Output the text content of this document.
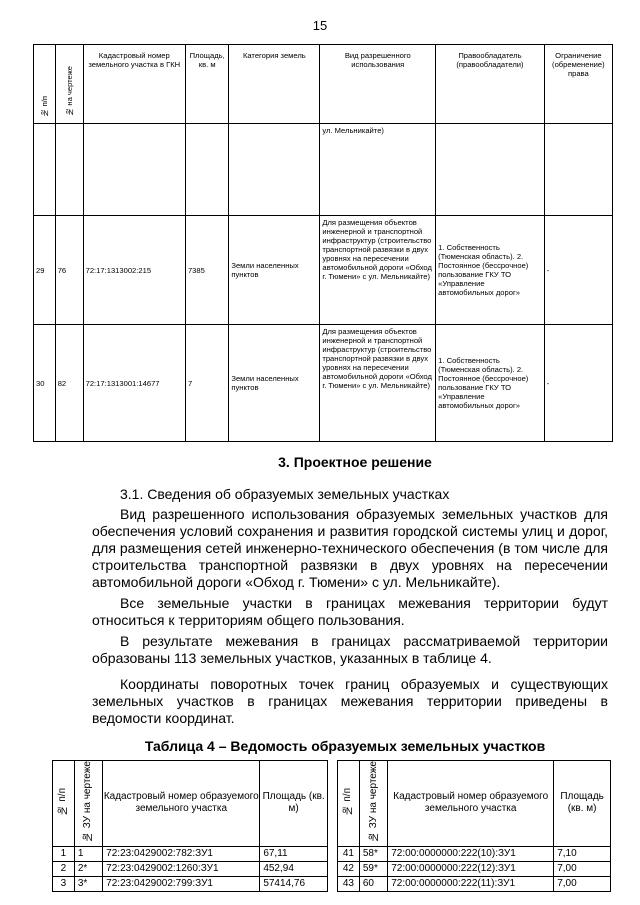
15
№ п/п	№ на чертеже	Кадастровый номер земельного участка в ГКН	Площадь, кв. м	Категория земель	Вид разрешенного использования	Правообладатель (правообладатели)	Ограничение (обременение) права
					ул. Мельникайте)		
29	76	72:17:1313002:215	7385	Земли населенных пунктов	Для размещения объектов инженерной и транспортной инфраструктур (строительство транспортной развязки в двух уровнях на пересечении автомобильной дороги «Обход г. Тюмени» с ул. Мельникайте)	1. Собственность (Тюменская область). 2. Постоянное (бессрочное) пользование ГКУ ТО «Управление автомобильных дорог»	-
30	82	72:17:1313001:14677	7	Земли населенных пунктов	Для размещения объектов инженерной и транспортной инфраструктур (строительство транспортной развязки в двух уровнях на пересечении автомобильной дороги «Обход г. Тюмени» с ул. Мельникайте)	1. Собственность (Тюменская область). 2. Постоянное (бессрочное) пользование ГКУ ТО «Управление автомобильных дорог»	-
3. Проектное решение
3.1. Сведения об образуемых земельных участках
Вид разрешенного использования образуемых земельных участков для обеспечения условий сохранения и развития городской системы улиц и дорог, для размещения сетей инженерно-технического обеспечения (в том числе для строительства транспортной развязки в двух уровнях на пересечении автомобильной дороги «Обход г. Тюмени» с ул. Мельникайте).
Все земельные участки в границах межевания территории будут относиться к территориям общего пользования.
В результате межевания в границах рассматриваемой территории образованы 113 земельных участков, указанных в таблице 4.
Координаты поворотных точек границ образуемых и существующих земельных участков в границах межевания территории приведены в ведомости координат.
Таблица 4 – Ведомость образуемых земельных участков
№ п/п	№ ЗУ на чертеже	Кадастровый номер образуемого земельного участка	Площадь (кв. м)
1	1	72:23:0429002:782:ЗУ1	67,11
2	2*	72:23:0429002:1260:ЗУ1	452,94
3	3*	72:23:0429002:799:ЗУ1	57414,76
№ п/п	№ ЗУ на чертеже	Кадастровый номер образуемого земельного участка	Площадь (кв. м)
41	58*	72:00:0000000:222(10):ЗУ1	7,10
42	59*	72:00:0000000:222(12):ЗУ1	7,00
43	60	72:00:0000000:222(11):ЗУ1	7,00
